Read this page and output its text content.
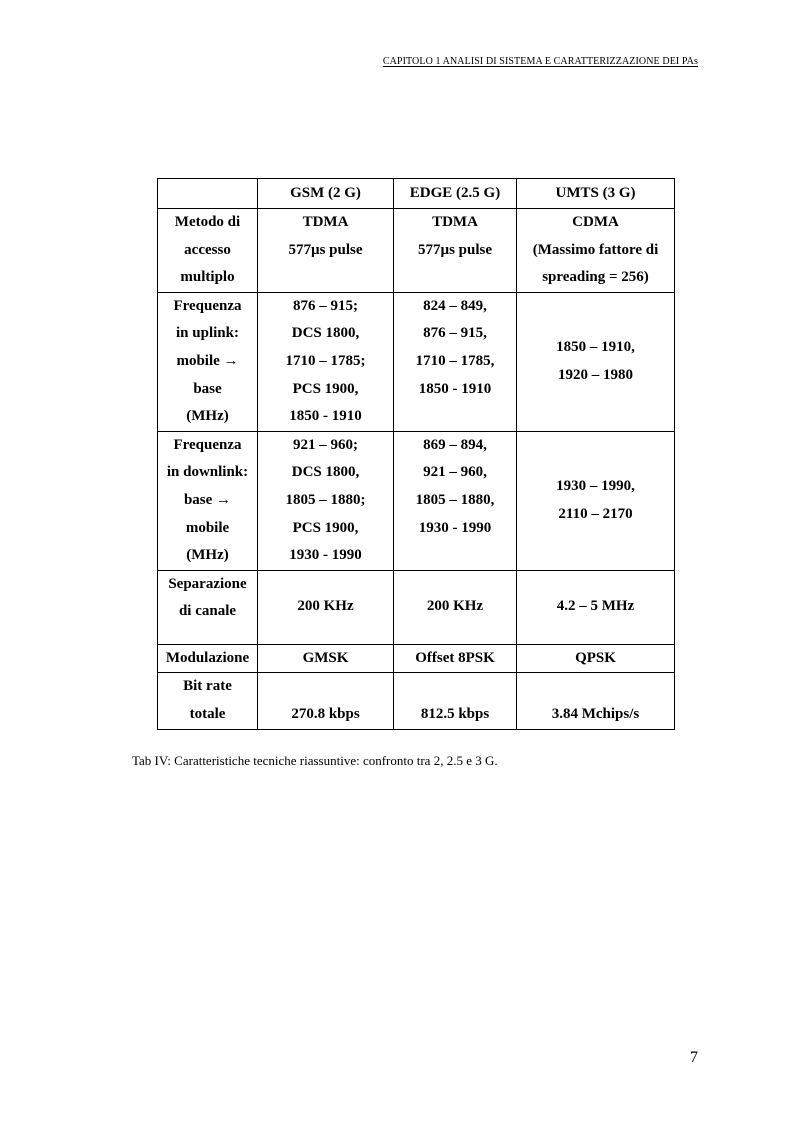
CAPITOLO 1 ANALISI DI SISTEMA E CARATTERIZZAZIONE DEI PAs
	GSM (2 G)	EDGE (2.5 G)	UMTS (3 G)

Metodo di
accesso
multiplo	TDMA
577µs pulse	TDMA
577µs pulse	CDMA
(Massimo fattore di
spreading = 256)

Frequenza
in uplink:
mobile →
base
(MHz)	876 – 915;
DCS 1800,
1710 – 1785;
PCS 1900,
1850 - 1910	824 – 849,
876 – 915,
1710 – 1785,
1850 - 1910	1850 – 1910,
1920 – 1980

Frequenza
in downlink:
base →
mobile
(MHz)	921 – 960;
DCS 1800,
1805 – 1880;
PCS 1900,
1930 - 1990	869 – 894,
921 – 960,
1805 – 1880,
1930 - 1990	1930 – 1990,
2110 – 2170

Separazione
di canale	200 KHz	200 KHz	4.2 – 5 MHz

Modulazione	GMSK	Offset 8PSK	QPSK

Bit rate
totale	270.8 kbps	812.5 kbps	3.84 Mchips/s
Tab IV: Caratteristiche tecniche riassuntive: confronto tra 2, 2.5 e 3 G.
7
